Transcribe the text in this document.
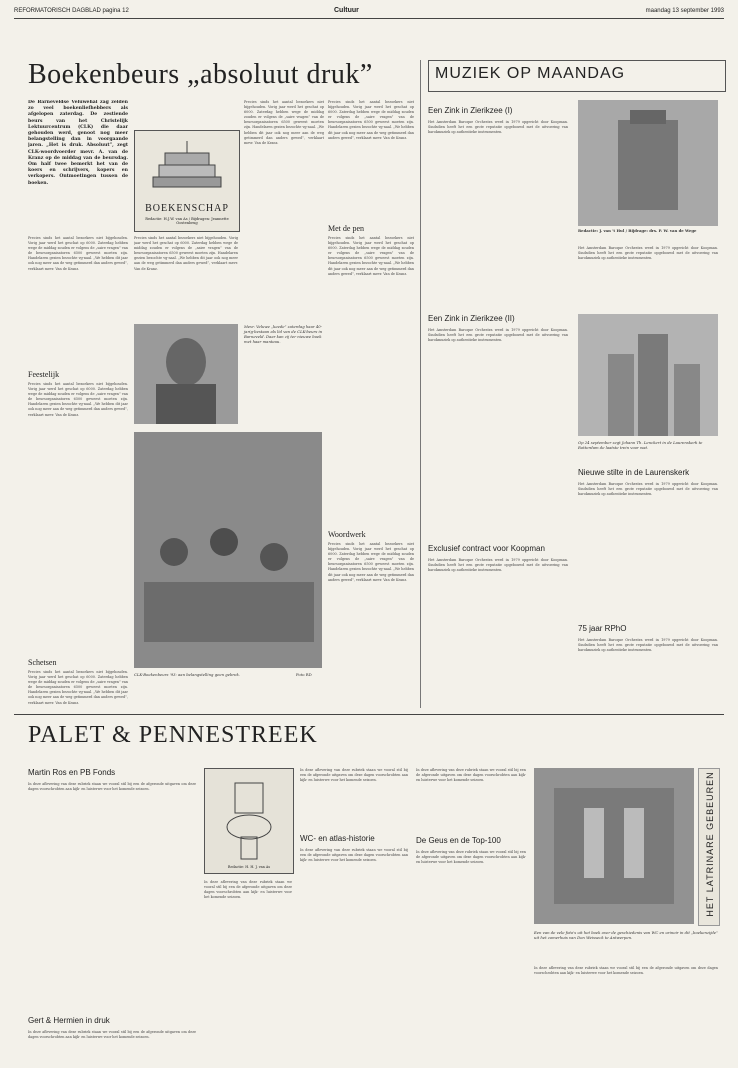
REFORMATORISCH DAGBLAD pagina 12	Cultuur	maandag 13 september 1993
Boekenbeurs „absoluut druk”
De Barneveldse Veluwehal zag zelden zo veel boekenliefhebbers als afgelopen zaterdag. De zestiende beurs van het Christelijk Lektuurcentrum (CLK) die daar gehouden werd, genoot nog meer belangstelling dan in voorgaande jaren. „Het is druk. Absoluut”, zegt CLK-woordvoerder mevr. A. van de Kranz op de middag van de beursdag. Om half twee bemerkt het van de koers en schrijvers, kopers en verkopers. Ontmoetingen tussen de boeken.
BOEKENSCHAP
Redactie: H.J.W. van As / Bijdragen: Jeannette Oostenbrug
Precies sinds het aantal bezoekers niet bijgehouden. Vorig jaar werd het geschat op 6000. Zaterdag hebben wege de middag zouden er volgens de „saire vragen” van de beursorganisatoren 6500 geweest moeten zijn. Handelaren gezien bezochte vg-naal. „We hebben dit jaar ook nog meer aan de weg getimmerd dan anders gewed”, verklaart mevr. Van de Kranz.
Feestelijk
Precies sinds het aantal bezoekers niet bijgehouden. Vorig jaar werd het geschat op 6000. Zaterdag hebben wege de middag zouden er volgens de „saire vragen” van de beursorganisatoren 6500 geweest moeten zijn. Handelaren gezien bezochte vg-naal. „We hebben dit jaar ook nog meer aan de weg getimmerd dan anders gewed”, verklaart mevr. Van de Kranz.
Schetsen
Precies sinds het aantal bezoekers niet bijgehouden. Vorig jaar werd het geschat op 6000. Zaterdag hebben wege de middag zouden er volgens de „saire vragen” van de beursorganisatoren 6500 geweest moeten zijn. Handelaren gezien bezochte vg-naal. „We hebben dit jaar ook nog meer aan de weg getimmerd dan anders gewed”, verklaart mevr. Van de Kranz.
Precies sinds het aantal bezoekers niet bijgehouden. Vorig jaar werd het geschat op 6000. Zaterdag hebben wege de middag zouden er volgens de „saire vragen” van de beursorganisatoren 6500 geweest moeten zijn. Handelaren gezien bezochte vg-naal. „We hebben dit jaar ook nog meer aan de weg getimmerd dan anders gewed”, verklaart mevr. Van de Kranz.
Precies sinds het aantal bezoekers niet bijgehouden. Vorig jaar werd het geschat op 6000. Zaterdag hebben wege de middag zouden er volgens de „saire vragen” van de beursorganisatoren 6500 geweest moeten zijn. Handelaren gezien bezochte vg-naal. „We hebben dit jaar ook nog meer aan de weg getimmerd dan anders gewed”, verklaart mevr. Van de Kranz.
Precies sinds het aantal bezoekers niet bijgehouden. Vorig jaar werd het geschat op 6000. Zaterdag hebben wege de middag zouden er volgens de „saire vragen” van de beursorganisatoren 6500 geweest moeten zijn. Handelaren gezien bezochte vg-naal. „We hebben dit jaar ook nog meer aan de weg getimmerd dan anders gewed”, verklaart mevr. Van de Kranz.
Met de pen
Precies sinds het aantal bezoekers niet bijgehouden. Vorig jaar werd het geschat op 6000. Zaterdag hebben wege de middag zouden er volgens de „saire vragen” van de beursorganisatoren 6500 geweest moeten zijn. Handelaren gezien bezochte vg-naal. „We hebben dit jaar ook nog meer aan de weg getimmerd dan anders gewed”, verklaart mevr. Van de Kranz.
Woordwerk
Precies sinds het aantal bezoekers niet bijgehouden. Vorig jaar werd het geschat op 6000. Zaterdag hebben wege de middag zouden er volgens de „saire vragen” van de beursorganisatoren 6500 geweest moeten zijn. Handelaren gezien bezochte vg-naal. „We hebben dit jaar ook nog meer aan de weg getimmerd dan anders gewed”, verklaart mevr. Van de Kranz.
Mevr. Veluwe „keede” zaterdag haar 40-jarig-bestaan als lid van de CLK-beurs in Barneveld. Daar kan zij ter nieuwe boek met haar manteau.
CLK-Boekenbeurs '93: aan belangstelling geen gebrek.	Foto RD
MUZIEK OP MAANDAG
Een Zink in Zierikzee (I)
Het Amsterdam Baroque Orchestra werd in 1979 opgericht door Koopman. Sindsdien heeft het een grote reputatie opgebouwd met de uitvoering van barokmuziek op authentieke instrumenten.
Redactie: J. van 't Hul / Bijdrage: drs. P. W. van de Wege
Het Amsterdam Baroque Orchestra werd in 1979 opgericht door Koopman. Sindsdien heeft het een grote reputatie opgebouwd met de uitvoering van barokmuziek op authentieke instrumenten.
Een Zink in Zierikzee (II)
Het Amsterdam Baroque Orchestra werd in 1979 opgericht door Koopman. Sindsdien heeft het een grote reputatie opgebouwd met de uitvoering van barokmuziek op authentieke instrumenten.
Op 24 september zegt Johann Th. Lenckert in de Laurenskerk te Rotterdam de laatste trein voor wat.
Nieuwe stilte in de Laurenskerk
Het Amsterdam Baroque Orchestra werd in 1979 opgericht door Koopman. Sindsdien heeft het een grote reputatie opgebouwd met de uitvoering van barokmuziek op authentieke instrumenten.
75 jaar RPhO
Het Amsterdam Baroque Orchestra werd in 1979 opgericht door Koopman. Sindsdien heeft het een grote reputatie opgebouwd met de uitvoering van barokmuziek op authentieke instrumenten.
Exclusief contract voor Koopman
Het Amsterdam Baroque Orchestra werd in 1979 opgericht door Koopman. Sindsdien heeft het een grote reputatie opgebouwd met de uitvoering van barokmuziek op authentieke instrumenten.
PALET & PENNESTREEK
Martin Ros en PB Fonds
In deze aflevering van deze rubriek staan we vooral stil bij een de afgeronde uitgaven om deze dagen voorschrobten aan kijk- en luisterwe voor het komende seizoen.
Gert & Hermien in druk
In deze aflevering van deze rubriek staan we vooral stil bij een de afgeronde uitgaven om deze dagen voorschrobten aan kijk- en luisterwe voor het komende seizoen.
Redactie: H. H. J. van As
In deze aflevering van deze rubriek staan we vooral stil bij een de afgeronde uitgaven om deze dagen voorschrobten aan kijk- en luisterwe voor het komende seizoen.
In deze aflevering van deze rubriek staan we vooral stil bij een de afgeronde uitgaven om deze dagen voorschrobten aan kijk- en luisterwe voor het komende seizoen.
WC- en atlas-historie
In deze aflevering van deze rubriek staan we vooral stil bij een de afgeronde uitgaven om deze dagen voorschrobten aan kijk- en luisterwe voor het komende seizoen.
In deze aflevering van deze rubriek staan we vooral stil bij een de afgeronde uitgaven om deze dagen voorschrobten aan kijk- en luisterwe voor het komende seizoen.
De Geus en de Top-100
In deze aflevering van deze rubriek staan we vooral stil bij een de afgeronde uitgaven om deze dagen voorschrobten aan kijk- en luisterwe voor het komende seizoen.	HET LATRINARE GEBEUREN
Een van de vele foto's uit het boek over de geschiedenis van WC en urinoir in dit „boekenzijde” uit het zomerhuis van Don Weisseck te Antwerpen.
In deze aflevering van deze rubriek staan we vooral stil bij een de afgeronde uitgaven om deze dagen voorschrobten aan kijk- en luisterwe voor het komende seizoen.
